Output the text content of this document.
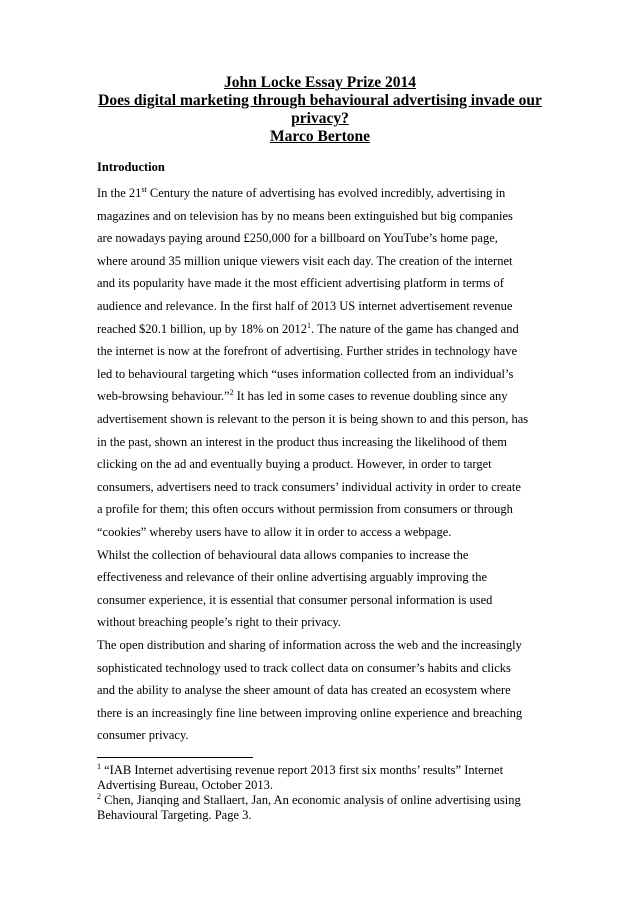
John Locke Essay Prize 2014
Does digital marketing through behavioural advertising invade our
privacy?
Marco Bertone
Introduction
In the 21st Century the nature of advertising has evolved incredibly, advertising in
magazines and on television has by no means been extinguished but big companies
are nowadays paying around £250,000 for a billboard on YouTube’s home page,
where around 35 million unique viewers visit each day. The creation of the internet
and its popularity have made it the most efficient advertising platform in terms of
audience and relevance. In the first half of 2013 US internet advertisement revenue
reached $20.1 billion, up by 18% on 2012$^1$. The nature of the game has changed and
the internet is now at the forefront of advertising. Further strides in technology have
led to behavioural targeting which “uses information collected from an individual’s
web-browsing behaviour.”$^2$ It has led in some cases to revenue doubling since any
advertisement shown is relevant to the person it is being shown to and this person, has
in the past, shown an interest in the product thus increasing the likelihood of them
clicking on the ad and eventually buying a product. However, in order to target
consumers, advertisers need to track consumers’ individual activity in order to create
a profile for them; this often occurs without permission from consumers or through
“cookies” whereby users have to allow it in order to access a webpage.
Whilst the collection of behavioural data allows companies to increase the
effectiveness and relevance of their online advertising arguably improving the
consumer experience, it is essential that consumer personal information is used
without breaching people’s right to their privacy.
The open distribution and sharing of information across the web and the increasingly
sophisticated technology used to track collect data on consumer’s habits and clicks
and the ability to analyse the sheer amount of data has created an ecosystem where
there is an increasingly fine line between improving online experience and breaching
consumer privacy.
$^1$ “IAB Internet advertising revenue report 2013 first six months’ results” Internet
Advertising Bureau, October 2013.
$^2$ Chen, Jianqing and Stallaert, Jan, An economic analysis of online advertising using
Behavioural Targeting. Page 3.
